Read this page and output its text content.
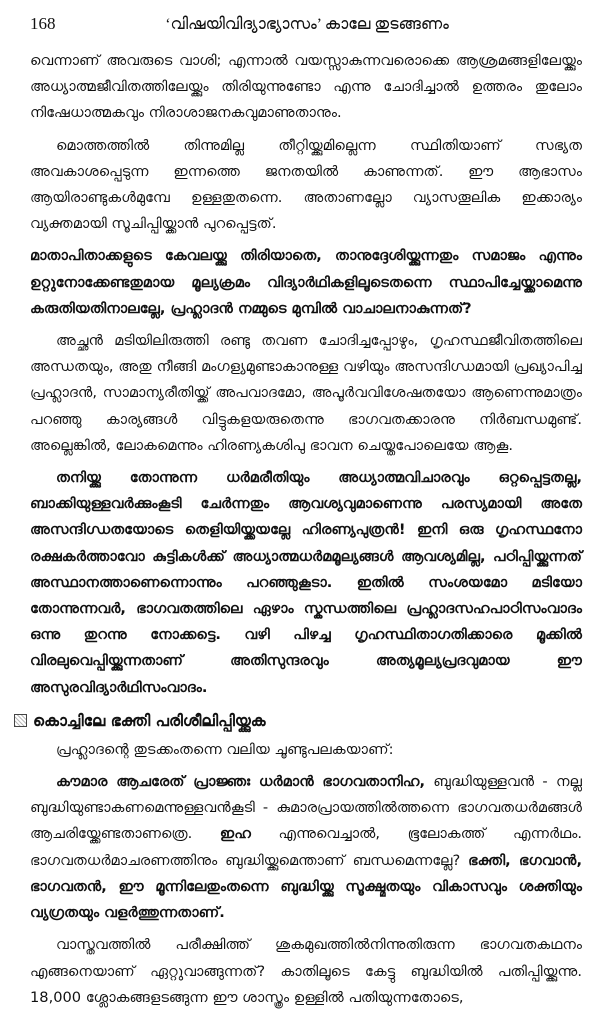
168	‘വിഷയിവിദ്യാഭ്യാസം’ കാലേ തുടങ്ങണം

വെന്നാണ് അവരുടെ വാശി; എന്നാൽ വയസ്സാകുന്നവരൊക്കെ ആശ്രമങ്ങളിലേയ്ക്കും അധ്യാത്മജീവിതത്തിലേയ്ക്കും തിരിയുന്നുണ്ടോ എന്നു ചോദിച്ചാൽ ഉത്തരം തുലോം നിഷേധാത്മകവും നിരാശാജനകവുമാണുതാനും.

മൊത്തത്തിൽ തിന്നുമില്ല തീറ്റിയ്ക്കുമില്ലെന്ന സ്ഥിതിയാണ് സഭ്യത അവകാശപ്പെടുന്ന ഇന്നത്തെ ജനതയിൽ കാണുന്നത്. ഈ ആഭാസം ആയിരാണ്ടുകൾമുമ്പേ ഉള്ളതുതന്നെ. അതാണല്ലോ വ്യാസതൂലിക ഇക്കാര്യം വ്യക്തമായി സൂചിപ്പിയ്ക്കാൻ പുറപ്പെട്ടത്.

മാതാപിതാക്കളുടെ കേവലയ്ക്കു തിരിയാതെ, താനുദ്ദേശിയ്ക്കുന്നതും സമാജം എന്നും ഉറ്റുനോക്കേണ്ടതുമായ മൂല്യക്രമം വിദ്യാർഥികളിലൂടെതന്നെ സ്ഥാപിച്ചേയ്ക്കാമെന്നു കരുതിയതിനാലല്ലേ, പ്രഹ്ലാദൻ നമ്മുടെ മുമ്പിൽ വാചാലനാകുന്നത്?

അച്ഛൻ മടിയിലിരുത്തി രണ്ടു തവണ ചോദിച്ചപ്പോഴും, ഗൃഹസ്ഥജീവിതത്തിലെ അന്ധതയും, അതു നീങ്ങി മംഗള്യമുണ്ടാകാനുള്ള വഴിയും അസന്ദിഗ്ധമായി പ്രഖ്യാപിച്ച പ്രഹ്ലാദൻ, സാമാന്യരീതിയ്ക്ക് അപവാദമോ, അപൂർവവിശേഷതയോ ആണെന്നുമാത്രം പറഞ്ഞു കാര്യങ്ങൾ വിട്ടുകളയരുതെന്നു ഭാഗവതക്കാരനു നിർബന്ധമുണ്ട്. അല്ലെങ്കിൽ, ലോകമെന്നും ഹിരണ്യകശിപു ഭാവന ചെയ്തപോലെയേ ആകൂ.

തനിയ്ക്കു തോന്നുന്ന ധർമരീതിയും അധ്യാത്മവിചാരവും ഒറ്റപ്പെട്ടതല്ല, ബാക്കിയുള്ളവർക്കുംകൂടി ചേർന്നതും ആവശ്യവുമാണെന്നു പരസ്യമായി അതേ അസന്ദിഗ്ധതയോടെ തെളിയിയ്ക്കയല്ലേ ഹിരണ്യപുത്രൻ! ഇനി ഒരു ഗൃഹസ്ഥനോ രക്ഷകർത്താവോ കുട്ടികൾക്ക് അധ്യാത്മധർമമൂല്യങ്ങൾ ആവശ്യമില്ല, പഠിപ്പിയ്ക്കുന്നത് അസ്ഥാനത്താണെന്നൊന്നും പറഞ്ഞുകൂടാ. ഇതിൽ സംശയമോ മടിയോ തോന്നുന്നവർ, ഭാഗവതത്തിലെ ഏഴാം സ്കന്ധത്തിലെ പ്രഹ്ലാദസഹപാഠിസംവാദം ഒന്നു തുറന്നു നോക്കട്ടെ. വഴി പിഴച്ച ഗൃഹസ്ഥിതാഗതിക്കാരെ മൂക്കിൽ വിരലുവെപ്പിയ്ക്കുന്നതാണ് അതിസുന്ദരവും അത്യമൂല്യപ്രദവുമായ ഈ അസുരവിദ്യാർഥിസംവാദം.

കൊച്ചിലേ ഭക്തി പരിശീലിപ്പിയ്ക്കുക

പ്രഹ്ലാദന്റെ തുടക്കംതന്നെ വലിയ ചൂണ്ടുപലകയാണ്:

കൗമാര ആചരേത് പ്രാജ്ഞഃ ധർമാൻ ഭാഗവതാനിഹ, ബുദ്ധിയുള്ളവൻ - നല്ല ബുദ്ധിയുണ്ടാകണമെന്നുള്ളവൻകൂടി - കുമാരപ്രായത്തിൽത്തന്നെ ഭാഗവതധർമങ്ങൾ ആചരിയ്ക്കേണ്ടതാണത്രെ. ഇഹ എന്നുവെച്ചാൽ, ഭൂലോകത്ത് എന്നർഥം. ഭാഗവതധർമാചരണത്തിനും ബുദ്ധിയ്ക്കുമെന്താണ് ബന്ധമെന്നല്ലേ? ഭക്തി, ഭഗവാൻ, ഭാഗവതൻ, ഈ മൂന്നിലേതുംതന്നെ ബുദ്ധിയ്ക്കു സൂക്ഷ്മതയും വികാസവും ശക്തിയും വ്യഗ്രതയും വളർത്തുന്നതാണ്.

വാസ്തവത്തിൽ പരീക്ഷിത്ത് ശുകമുഖത്തിൽനിന്നുതിരുന്ന ഭാഗവതകഥനം എങ്ങനെയാണ് ഏറ്റുവാങ്ങുന്നത്? കാതിലൂടെ കേട്ടു ബുദ്ധിയിൽ പതിപ്പിയ്ക്കുന്നു. 18,000 ശ്ലോകങ്ങളടങ്ങുന്ന ഈ ശാസ്ത്രം ഉള്ളിൽ പതിയുന്നതോടെ,
